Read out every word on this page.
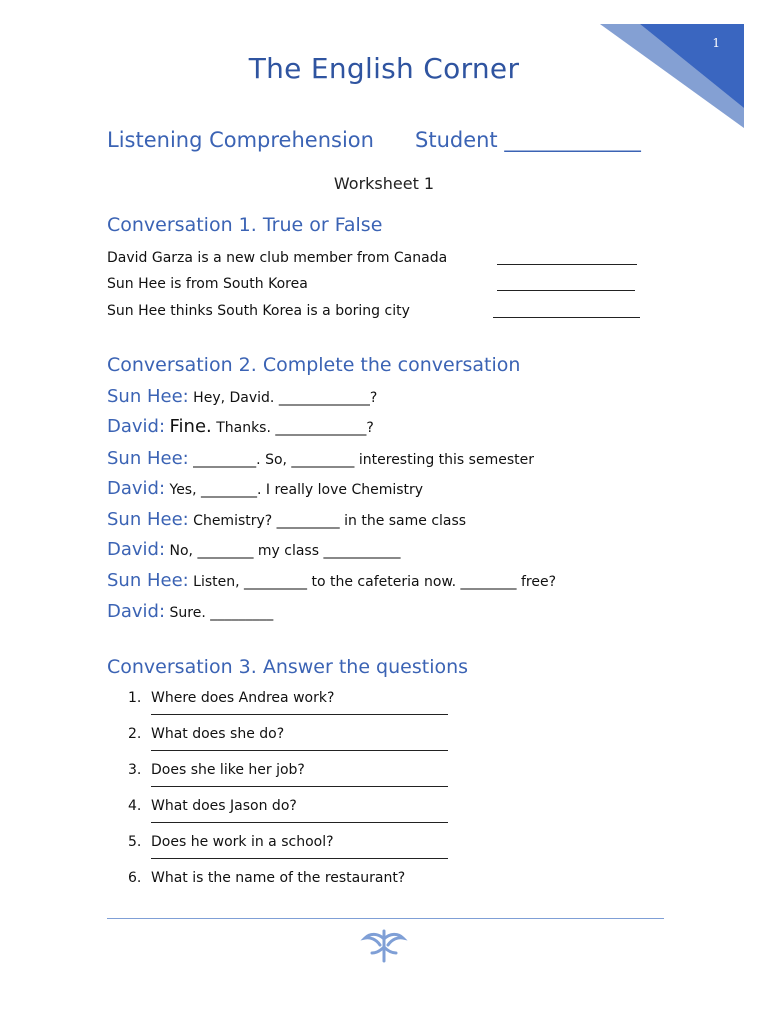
1
The English Corner
Listening Comprehension Student _____________
Worksheet 1
Conversation 1. True or False
David Garza is a new club member from Canada
Sun Hee is from South Korea
Sun Hee thinks South Korea is a boring city
Conversation 2. Complete the conversation
Sun Hee: Hey, David. _____________?
David: Fine. Thanks. _____________?
Sun Hee: _________. So, _________ interesting this semester
David: Yes, ________. I really love Chemistry
Sun Hee: Chemistry? _________ in the same class
David: No, ________ my class ___________
Sun Hee: Listen, _________ to the cafeteria now. ________ free?
David: Sure. _________
Conversation 3. Answer the questions
1. Where does Andrea work?
2. What does she do?
3. Does she like her job?
4. What does Jason do?
5. Does he work in a school?
6. What is the name of the restaurant?
